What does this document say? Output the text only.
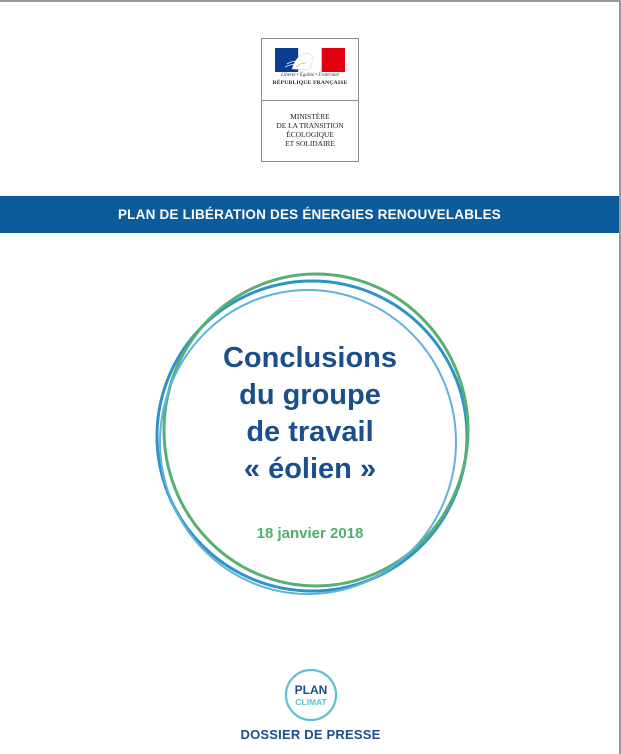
Liberté • Égalité • Fraternité
RÉPUBLIQUE FRANÇAISE
MINISTÈRE
DE LA TRANSITION
ÉCOLOGIQUE
ET SOLIDAIRE
PLAN DE LIBÉRATION DES ÉNERGIES RENOUVELABLES
Conclusions
du groupe
de travail
« éolien »
18 janvier 2018
PLAN
CLIMAT
DOSSIER DE PRESSE
